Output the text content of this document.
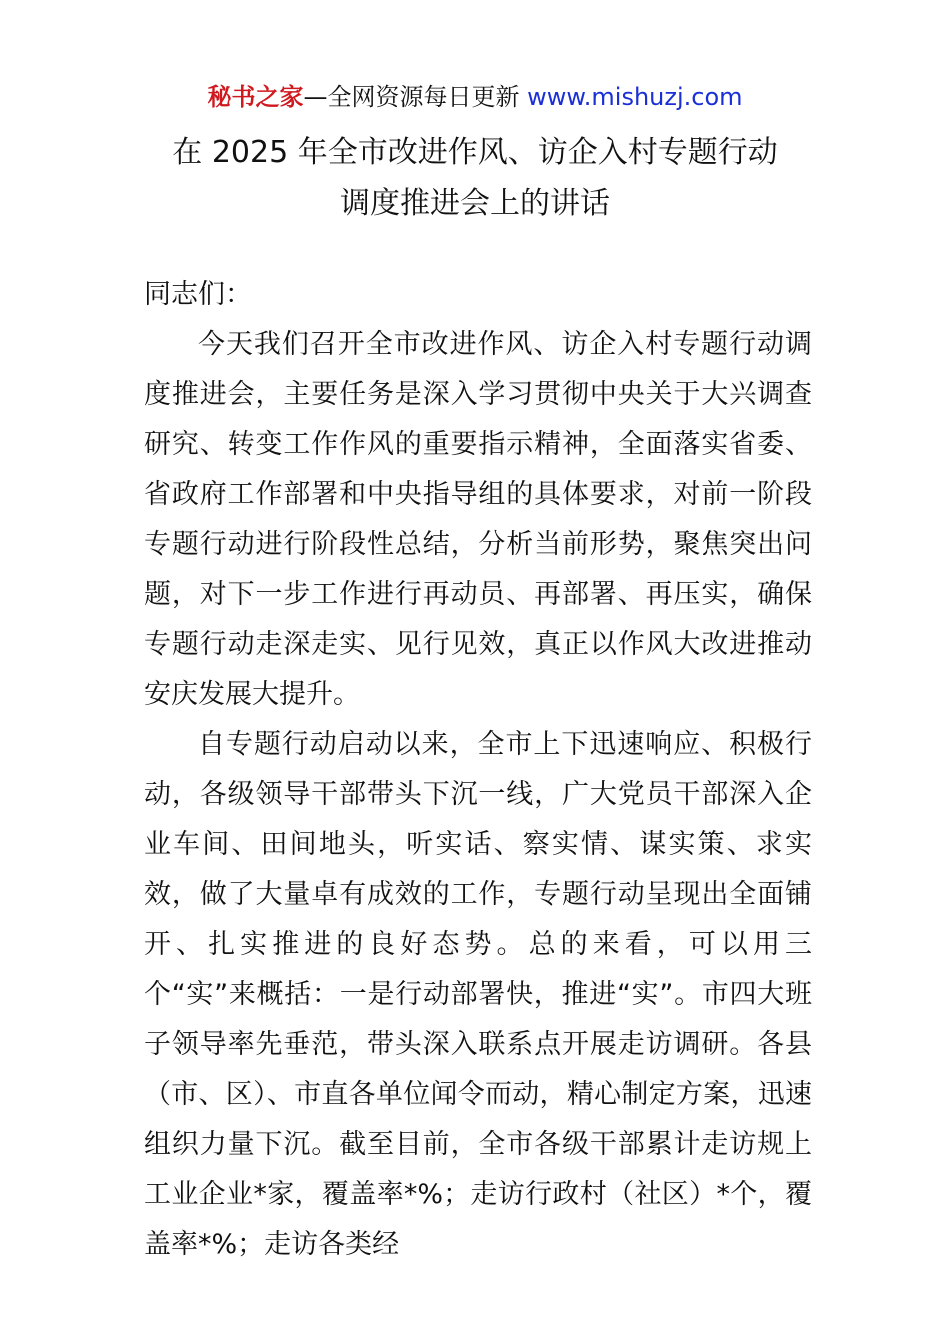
秘书之家—全网资源每日更新 www.mishuzj.com
在 2025 年全市改进作风、访企入村专题行动
调度推进会上的讲话
同志们：

今天我们召开全市改进作风、访企入村专题行动调度推进会，主要任务是深入学习贯彻中央关于大兴调查研究、转变工作作风的重要指示精神，全面落实省委、省政府工作部署和中央指导组的具体要求，对前一阶段专题行动进行阶段性总结，分析当前形势，聚焦突出问题，对下一步工作进行再动员、再部署、再压实，确保专题行动走深走实、见行见效，真正以作风大改进推动安庆发展大提升。

自专题行动启动以来，全市上下迅速响应、积极行动，各级领导干部带头下沉一线，广大党员干部深入企业车间、田间地头，听实话、察实情、谋实策、求实效，做了大量卓有成效的工作，专题行动呈现出全面铺开、扎实推进的良好态势。总的来看，可以用三个“实”来概括：一是行动部署快，推进“实”。市四大班子领导率先垂范，带头深入联系点开展走访调研。各县（市、区）、市直各单位闻令而动，精心制定方案，迅速组织力量下沉。截至目前，全市各级干部累计走访规上工业企业*家，覆盖率*%；走访行政村（社区）*个，覆盖率*%；走访各类经
